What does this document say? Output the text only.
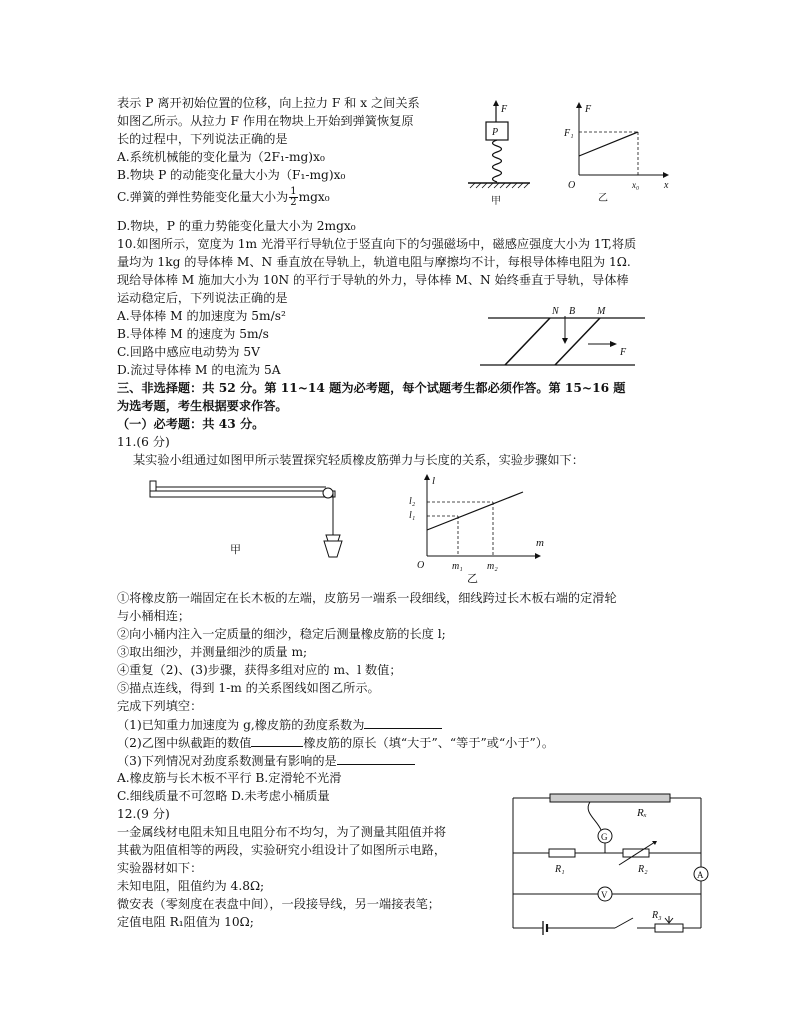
表示 P 离开初始位置的位移，向上拉力 F 和 x 之间关系
如图乙所示。从拉力 F 作用在物块上开始到弹簧恢复原
长的过程中，下列说法正确的是
A.系统机械能的变化量为（2F₁-mg)x₀
B.物块 P 的动能变化量大小为（F₁-mg)x₀
C.弹簧的弹性势能变化量大小为 $\frac{1}{2} mgx_0$
D.物块，P 的重力势能变化量大小为 2mgx₀
F
P
甲
F
F₁
O	x₀ x
乙
10.如图所示，宽度为 1m 光滑平行导轨位于竖直向下的匀强磁场中，磁感应强度大小为 1T,将质
量均为 1kg 的导体棒 M、N 垂直放在导轨上，轨道电阻与摩擦均不计，每根导体棒电阻为 1Ω.
现给导体棒 M 施加大小为 10N 的平行于导轨的外力，导体棒 M、N 始终垂直于导轨，导体棒
运动稳定后，下列说法正确的是
A.导体棒 M 的加速度为 5m/s²
B.导体棒 M 的速度为 5m/s
C.回路中感应电动势为 5V
D.流过导体棒 M 的电流为 5A
N B M
F
三、非选择题：共 52 分。第 11~14 题为必考题，每个试题考生都必须作答。第 15~16 题
为选考题，考生根据要求作答。
（一）必考题：共 43 分。
11.(6 分)
某实验小组通过如图甲所示装置探究轻质橡皮筋弹力与长度的关系，实验步骤如下：
甲
l
l₂
l₁
O	m₁ m₂
m
乙
①将橡皮筋一端固定在长木板的左端，皮筋另一端系一段细线，细线跨过长木板右端的定滑轮
与小桶相连；
②向小桶内注入一定质量的细沙，稳定后测量橡皮筋的长度 l;
③取出细沙，并测量细沙的质量 m;
④重复（2)、(3)步骤，获得多组对应的 m、l 数值；
⑤描点连线，得到 1-m 的关系图线如图乙所示。
完成下列填空：
（1)已知重力加速度为 g,橡皮筋的劲度系数为
（2)乙图中纵截距的数值	橡皮筋的原长（填“大于”、“等于”或“小于”）。
（3)下列情况对劲度系数测量有影响的是
A.橡皮筋与长木板不平行 B.定滑轮不光滑
C.细线质量不可忽略 D.未考虑小桶质量
12.(9 分)
一金属线材电阻未知且电阻分布不均匀，为了测量其阻值并将
其截为阻值相等的两段，实验研究小组设计了如图所示电路，
实验器材如下：
未知电阻，阻值约为 4.8Ω;
微安表（零刻度在表盘中间），一段接导线，另一端接表笔；
定值电阻 R₁阻值为 10Ω;
Rₓ
G
R₁	R₂	A
V
R₃
